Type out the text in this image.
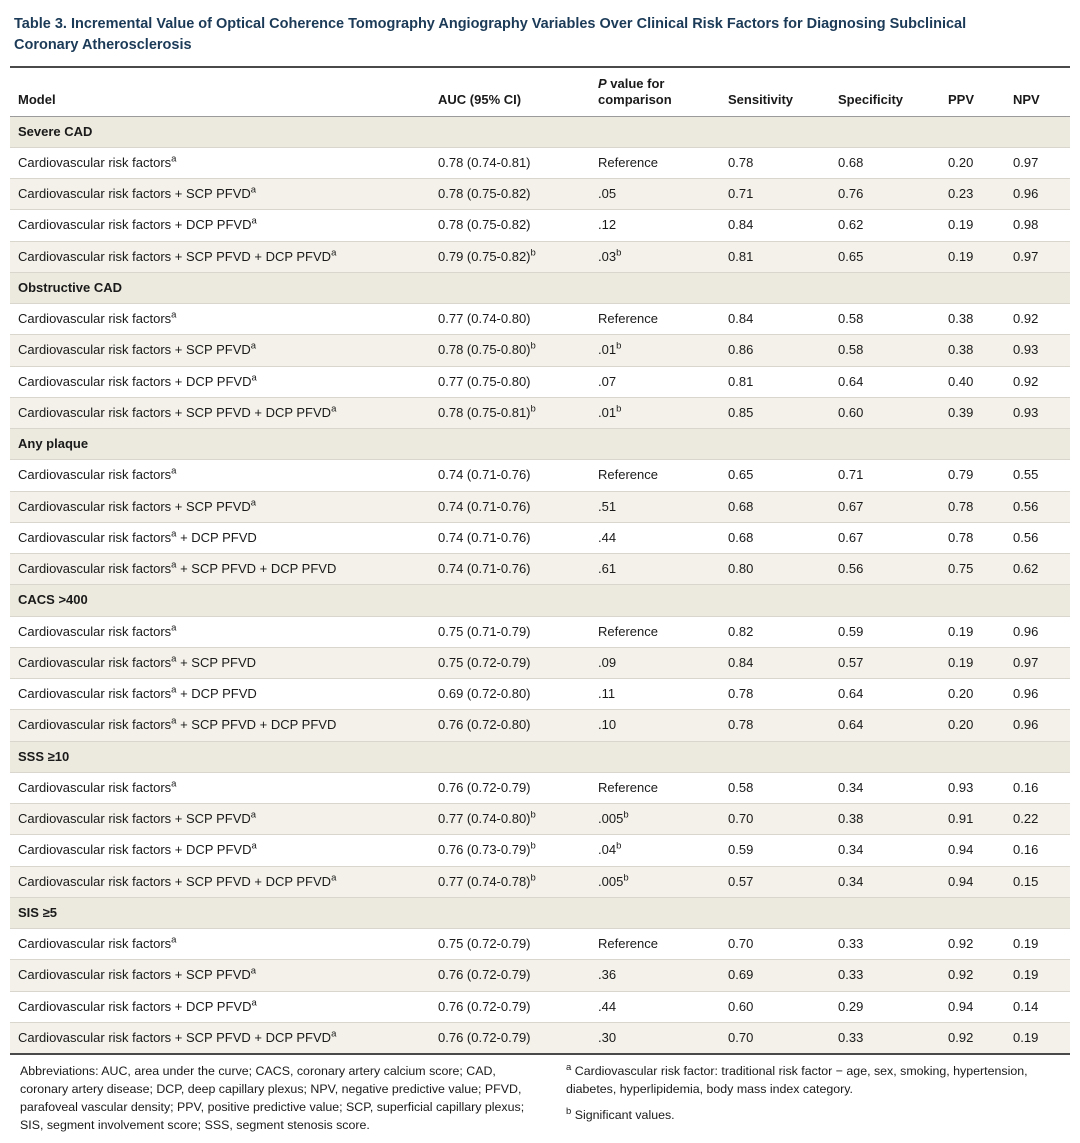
Table 3. Incremental Value of Optical Coherence Tomography Angiography Variables Over Clinical Risk Factors for Diagnosing Subclinical Coronary Atherosclerosis
Model	AUC (95% CI)	P value for
comparison	Sensitivity	Specificity	PPV	NPV
Severe CAD						
Cardiovascular risk factors$^a$	0.78 (0.74-0.81)	Reference	0.78	0.68	0.20	0.97
Cardiovascular risk factors + SCP PFVD$^a$	0.78 (0.75-0.82)	.05	0.71	0.76	0.23	0.96
Cardiovascular risk factors + DCP PFVD$^a$	0.78 (0.75-0.82)	.12	0.84	0.62	0.19	0.98
Cardiovascular risk factors + SCP PFVD + DCP PFVD$^a$	0.79 $(0.75-0.82)^b$	.03$^b$	0.81	0.65	0.19	0.97
Obstructive CAD						
Cardiovascular risk factors$^a$	0.77 (0.74-0.80)	Reference	0.84	0.58	0.38	0.92
Cardiovascular risk factors + SCP PFVD$^a$	0.78 $(0.75-0.80)^b$	.01$^b$	0.86	0.58	0.38	0.93
Cardiovascular risk factors + DCP PFVD$^a$	0.77 (0.75-0.80)	.07	0.81	0.64	0.40	0.92
Cardiovascular risk factors + SCP PFVD + DCP PFVD$^a$	0.78 $(0.75-0.81)^b$	.01$^b$	0.85	0.60	0.39	0.93
Any plaque						
Cardiovascular risk factors$^a$	0.74 (0.71-0.76)	Reference	0.65	0.71	0.79	0.55
Cardiovascular risk factors + SCP PFVD$^a$	0.74 (0.71-0.76)	.51	0.68	0.67	0.78	0.56
Cardiovascular risk factors$^a$ + DCP PFVD	0.74 (0.71-0.76)	.44	0.68	0.67	0.78	0.56
Cardiovascular risk factors$^a$ + SCP PFVD + DCP PFVD	0.74 (0.71-0.76)	.61	0.80	0.56	0.75	0.62
CACS >400						
Cardiovascular risk factors$^a$	0.75 (0.71-0.79)	Reference	0.82	0.59	0.19	0.96
Cardiovascular risk factors$^a$ + SCP PFVD	0.75 (0.72-0.79)	.09	0.84	0.57	0.19	0.97
Cardiovascular risk factors$^a$ + DCP PFVD	0.69 (0.72-0.80)	.11	0.78	0.64	0.20	0.96
Cardiovascular risk factors$^a$ + SCP PFVD + DCP PFVD	0.76 (0.72-0.80)	.10	0.78	0.64	0.20	0.96
SSS ≥10						
Cardiovascular risk factors$^a$	0.76 (0.72-0.79)	Reference	0.58	0.34	0.93	0.16
Cardiovascular risk factors + SCP PFVD$^a$	0.77 $(0.74-0.80)^b$	.005$^b$	0.70	0.38	0.91	0.22
Cardiovascular risk factors + DCP PFVD$^a$	0.76 $(0.73-0.79)^b$	.04$^b$	0.59	0.34	0.94	0.16
Cardiovascular risk factors + SCP PFVD + DCP PFVD$^a$	0.77 $(0.74-0.78)^b$	.005$^b$	0.57	0.34	0.94	0.15
SIS ≥5						
Cardiovascular risk factors$^a$	0.75 (0.72-0.79)	Reference	0.70	0.33	0.92	0.19
Cardiovascular risk factors + SCP PFVD$^a$	0.76 (0.72-0.79)	.36	0.69	0.33	0.92	0.19
Cardiovascular risk factors + DCP PFVD$^a$	0.76 (0.72-0.79)	.44	0.60	0.29	0.94	0.14
Cardiovascular risk factors + SCP PFVD + DCP PFVD$^a$	0.76 (0.72-0.79)	.30	0.70	0.33	0.92	0.19
Abbreviations: AUC, area under the curve; CACS, coronary artery calcium score; CAD, coronary artery disease; DCP, deep capillary plexus; NPV, negative predictive value; PFVD, parafoveal vascular density; PPV, positive predictive value; SCP, superficial capillary plexus; SIS, segment involvement score; SSS, segment stenosis score.
$^a$ Cardiovascular risk factor: traditional risk factor − age, sex, smoking, hypertension, diabetes, hyperlipidemia, body mass index category.
$^b$ Significant values.
